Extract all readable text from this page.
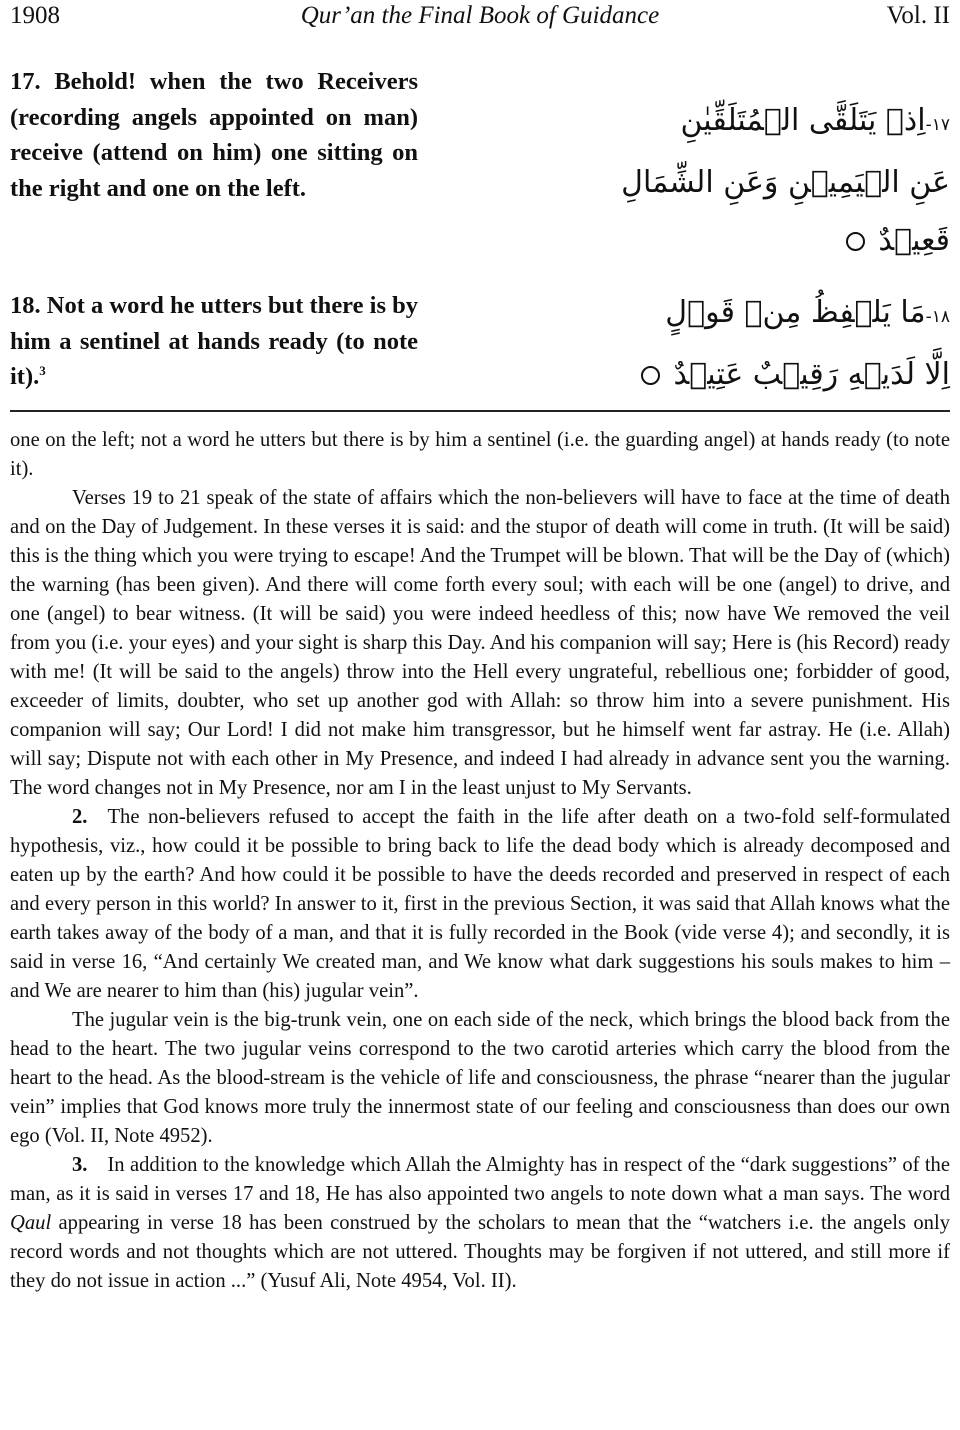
1908	Qur’an the Final Book of Guidance	Vol. II
17. Behold! when the two Receivers (recording angels appointed on man) receive (attend on him) one sitting on the right and one on the left.
١٧-اِذۡ يَتَلَقَّى الۡمُتَلَقِّيٰنِ
عَنِ الۡيَمِيۡنِ وَعَنِ الشِّمَالِ قَعِيۡدٌ
18. Not a word he utters but there is by him a sentinel at hands ready (to note it).$^3$
١٨-مَا يَلۡفِظُ مِنۡ قَوۡلٍ
اِلَّا لَدَيۡهِ رَقِيۡبٌ عَتِيۡدٌ

one on the left; not a word he utters but there is by him a sentinel (i.e. the guarding angel) at hands ready (to note it).

Verses 19 to 21 speak of the state of affairs which the non-believers will have to face at the time of death and on the Day of Judgement. In these verses it is said: and the stupor of death will come in truth. (It will be said) this is the thing which you were trying to escape! And the Trumpet will be blown. That will be the Day of (which) the warning (has been given). And there will come forth every soul; with each will be one (angel) to drive, and one (angel) to bear witness. (It will be said) you were indeed heedless of this; now have We removed the veil from you (i.e. your eyes) and your sight is sharp this Day. And his companion will say; Here is (his Record) ready with me! (It will be said to the angels) throw into the Hell every ungrateful, rebellious one; forbidder of good, exceeder of limits, doubter, who set up another god with Allah: so throw him into a severe punishment. His companion will say; Our Lord! I did not make him transgressor, but he himself went far astray. He (i.e. Allah) will say; Dispute not with each other in My Presence, and indeed I had already in advance sent you the warning. The word changes not in My Presence, nor am I in the least unjust to My Servants.

2. The non-believers refused to accept the faith in the life after death on a two-fold self-formulated hypothesis, viz., how could it be possible to bring back to life the dead body which is already decomposed and eaten up by the earth? And how could it be possible to have the deeds recorded and preserved in respect of each and every person in this world? In answer to it, first in the previous Section, it was said that Allah knows what the earth takes away of the body of a man, and that it is fully recorded in the Book (vide verse 4); and secondly, it is said in verse 16, “And certainly We created man, and We know what dark suggestions his souls makes to him – and We are nearer to him than (his) jugular vein”.

The jugular vein is the big-trunk vein, one on each side of the neck, which brings the blood back from the head to the heart. The two jugular veins correspond to the two carotid arteries which carry the blood from the heart to the head. As the blood-stream is the vehicle of life and consciousness, the phrase “nearer than the jugular vein” implies that God knows more truly the innermost state of our feeling and consciousness than does our own ego (Vol. II, Note 4952).

3. In addition to the knowledge which Allah the Almighty has in respect of the “dark suggestions” of the man, as it is said in verses 17 and 18, He has also appointed two angels to note down what a man says. The word Qaul appearing in verse 18 has been construed by the scholars to mean that the “watchers i.e. the angels only record words and not thoughts which are not uttered. Thoughts may be forgiven if not uttered, and still more if they do not issue in action ...” (Yusuf Ali, Note 4954, Vol. II).
